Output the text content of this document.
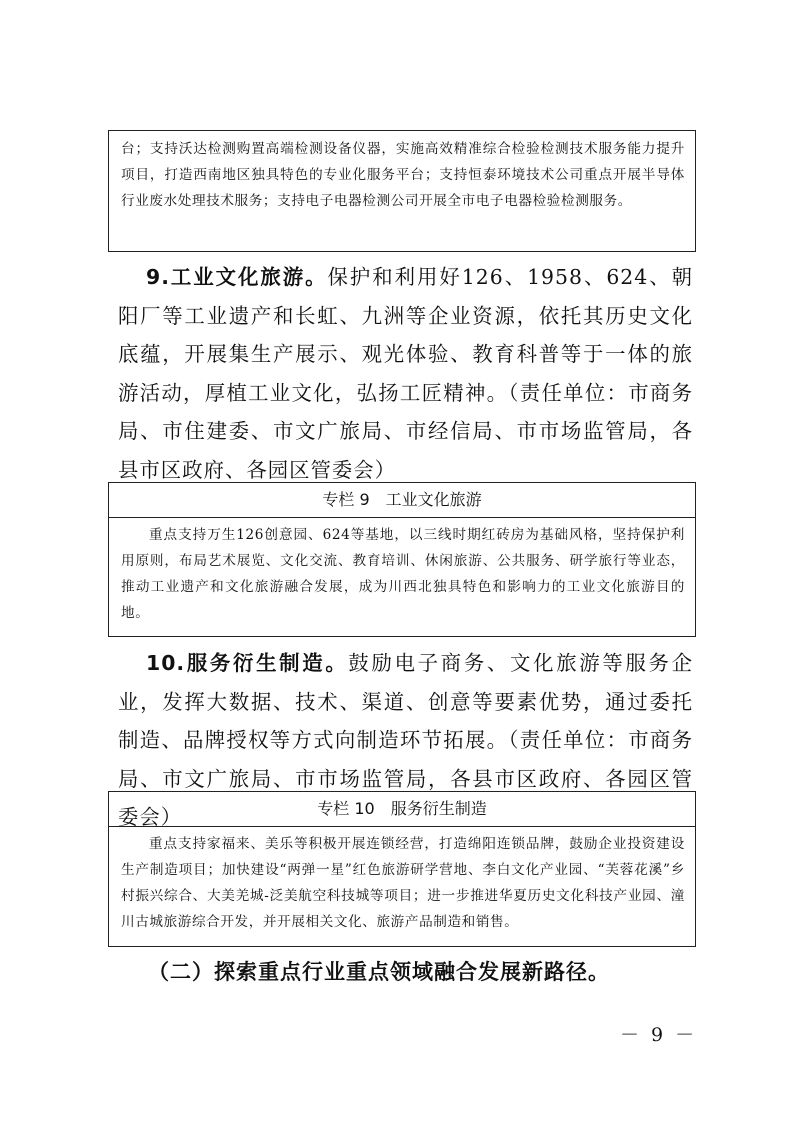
台；支持沃达检测购置高端检测设备仪器，实施高效精准综合检验检测技术服务能力提升项目，打造西南地区独具特色的专业化服务平台；支持恒泰环境技术公司重点开展半导体行业废水处理技术服务；支持电子电器检测公司开展全市电子电器检验检测服务。

9.工业文化旅游。保护和利用好126、1958、624、朝阳厂等工业遗产和长虹、九洲等企业资源，依托其历史文化底蕴，开展集生产展示、观光体验、教育科普等于一体的旅游活动，厚植工业文化，弘扬工匠精神。（责任单位：市商务局、市住建委、市文广旅局、市经信局、市市场监管局，各县市区政府、各园区管委会）

专栏 9　工业文化旅游
重点支持万生126创意园、624等基地，以三线时期红砖房为基础风格，坚持保护利用原则，布局艺术展览、文化交流、教育培训、休闲旅游、公共服务、研学旅行等业态，推动工业遗产和文化旅游融合发展，成为川西北独具特色和影响力的工业文化旅游目的地。

10.服务衍生制造。鼓励电子商务、文化旅游等服务企业，发挥大数据、技术、渠道、创意等要素优势，通过委托制造、品牌授权等方式向制造环节拓展。（责任单位：市商务局、市文广旅局、市市场监管局，各县市区政府、各园区管委会）	专栏 10　服务衍生制造
重点支持家福来、美乐等积极开展连锁经营，打造绵阳连锁品牌，鼓励企业投资建设生产制造项目；加快建设“两弹一星”红色旅游研学营地、李白文化产业园、“芙蓉花溪”乡村振兴综合、大美羌城-泛美航空科技城等项目；进一步推进华夏历史文化科技产业园、潼川古城旅游综合开发，并开展相关文化、旅游产品制造和销售。

（二）探索重点行业重点领域融合发展新路径。

－ 9 －
